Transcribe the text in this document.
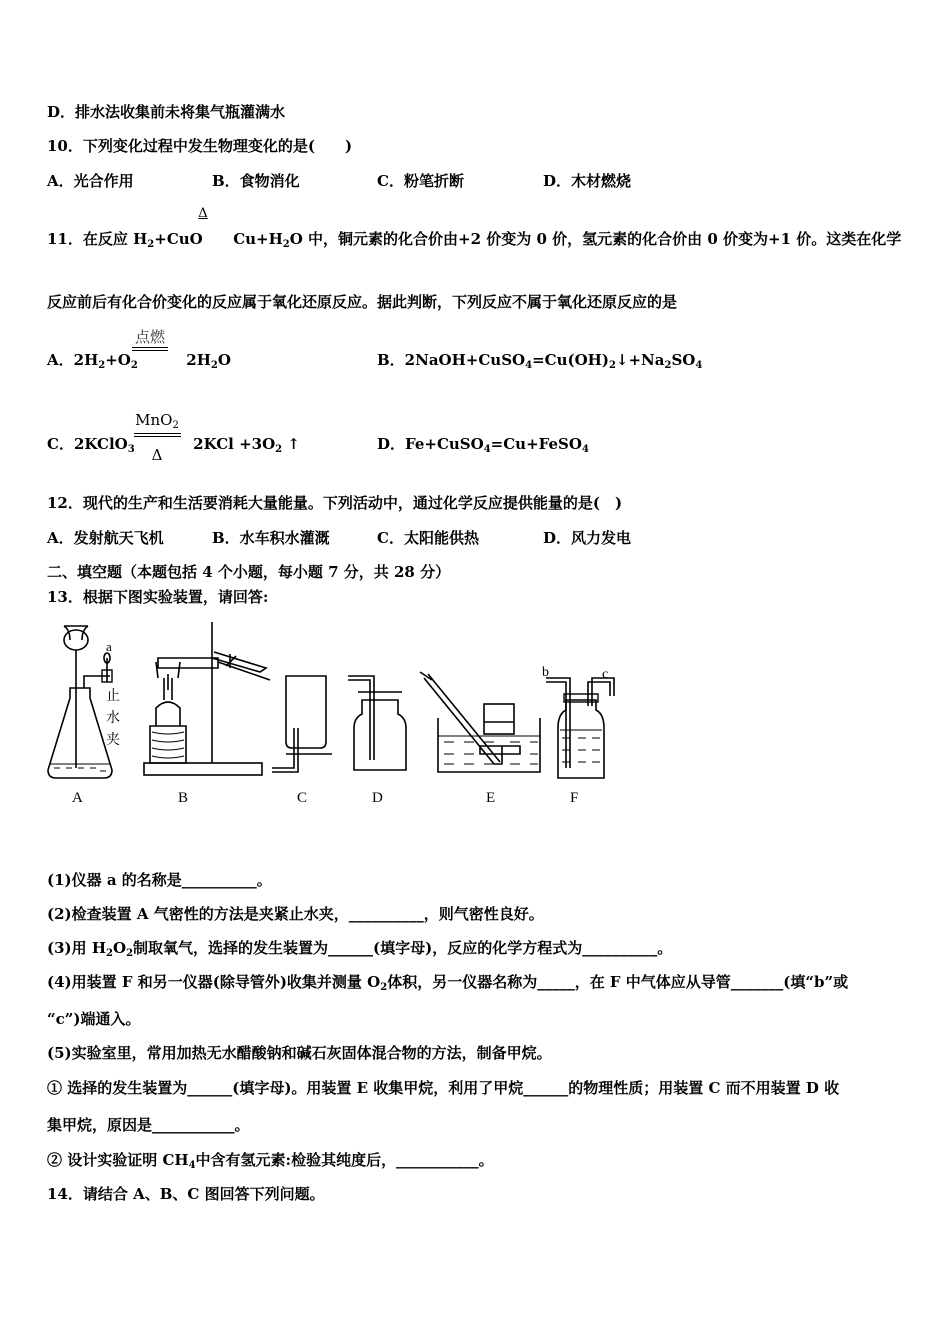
D．排水法收集前未将集气瓶灌满水
10．下列变化过程中发生物理变化的是(　　)
A．光合作用	B．食物消化	C．粉笔折断	D．木材燃烧
11．在反应 $H_2+CuO$ $Cu+H_2O$ 中，铜元素的化合价由+2 价变为 0 价，氢元素的化合价由 0 价变为+1 价。这类在化学
Δ
反应前后有化合价变化的反应属于氧化还原反应。据此判断，下列反应不属于氧化还原反应的是
A．$2H_2+O_2$	$2H_2O$
点燃
B．$2NaOH+CuSO_4=Cu(OH)_2↓+Na_2SO_4$
C．2KClO$_3$	$2KCl +3O_2$ ↑
MnO$_2$
Δ
D．Fe+CuSO$_4$=Cu+FeSO$_4$
12．现代的生产和生活要消耗大量能量。下列活动中，通过化学反应提供能量的是(　)
A．发射航天飞机	B．水车积水灌溉	C．太阳能供热	D．风力发电
二、填空题（本题包括 4 个小题，每小题 7 分，共 28 分）
13．根据下图实验装置，请回答:
a
止
水
夹
b	c
A	B	C	D	E	F
(1)仪器 a 的名称是__________。
(2)检查装置 A 气密性的方法是夹紧止水夹，__________，则气密性良好。
(3)用 $H_2O_2$制取氧气，选择的发生装置为______(填字母)，反应的化学方程式为__________。
(4)用装置 F 和另一仪器(除导管外)收集并测量 $O_2$体积，另一仪器名称为_____，在 F 中气体应从导管_______(填“b”或
“c”)端通入。
(5)实验室里，常用加热无水醋酸钠和碱石灰固体混合物的方法，制备甲烷。
① 选择的发生装置为______(填字母)。用装置 E 收集甲烷，利用了甲烷______的物理性质；用装置 C 而不用装置 D 收
集甲烷，原因是___________。
② 设计实验证明 $CH_4$中含有氢元素:检验其纯度后，___________。
14．请结合 A、B、C 图回答下列问题。
